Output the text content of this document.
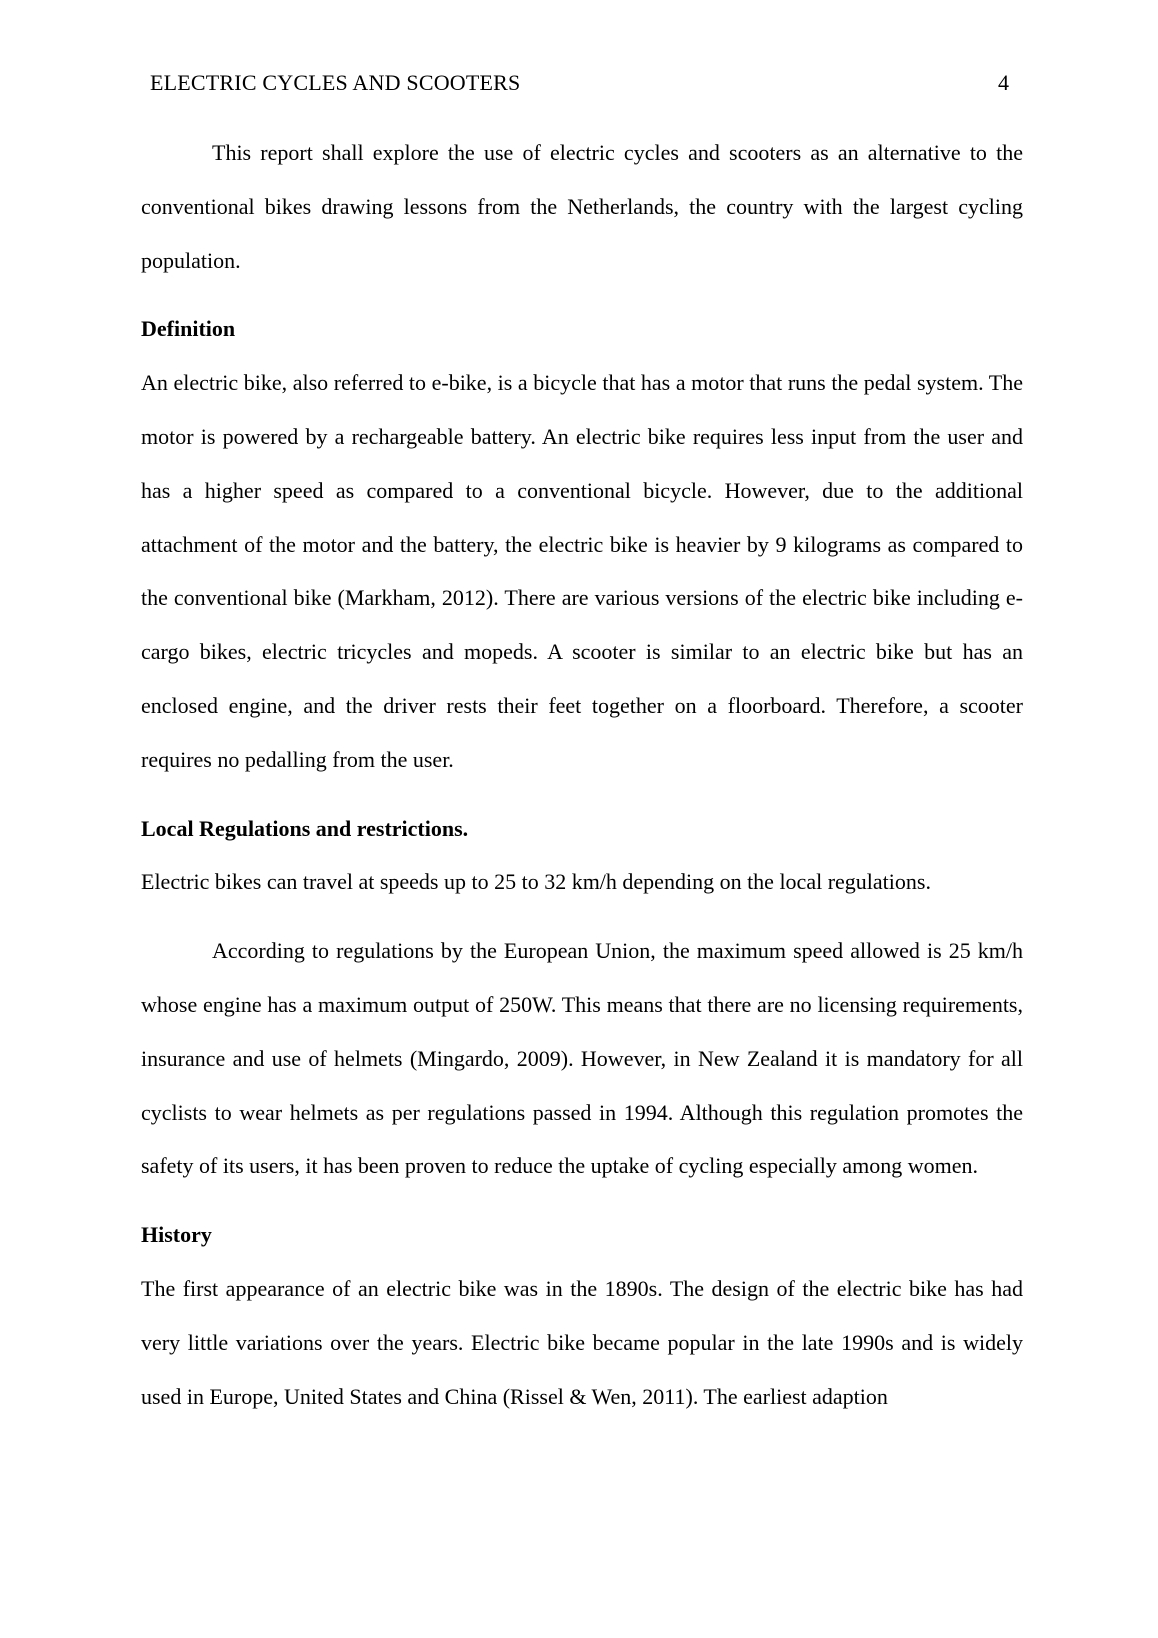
ELECTRIC CYCLES AND SCOOTERS	4

This report shall explore the use of electric cycles and scooters as an alternative to the conventional bikes drawing lessons from the Netherlands, the country with the largest cycling population.

Definition

An electric bike, also referred to e-bike, is a bicycle that has a motor that runs the pedal system. The motor is powered by a rechargeable battery. An electric bike requires less input from the user and has a higher speed as compared to a conventional bicycle. However, due to the additional attachment of the motor and the battery, the electric bike is heavier by 9 kilograms as compared to the conventional bike (Markham, 2012). There are various versions of the electric bike including e-cargo bikes, electric tricycles and mopeds. A scooter is similar to an electric bike but has an enclosed engine, and the driver rests their feet together on a floorboard. Therefore, a scooter requires no pedalling from the user.

Local Regulations and restrictions.

Electric bikes can travel at speeds up to 25 to 32 km/h depending on the local regulations.

According to regulations by the European Union, the maximum speed allowed is 25 km/h whose engine has a maximum output of 250W. This means that there are no licensing requirements, insurance and use of helmets (Mingardo, 2009). However, in New Zealand it is mandatory for all cyclists to wear helmets as per regulations passed in 1994. Although this regulation promotes the safety of its users, it has been proven to reduce the uptake of cycling especially among women.

History

The first appearance of an electric bike was in the 1890s. The design of the electric bike has had very little variations over the years. Electric bike became popular in the late 1990s and is widely used in Europe, United States and China (Rissel & Wen, 2011). The earliest adaption
